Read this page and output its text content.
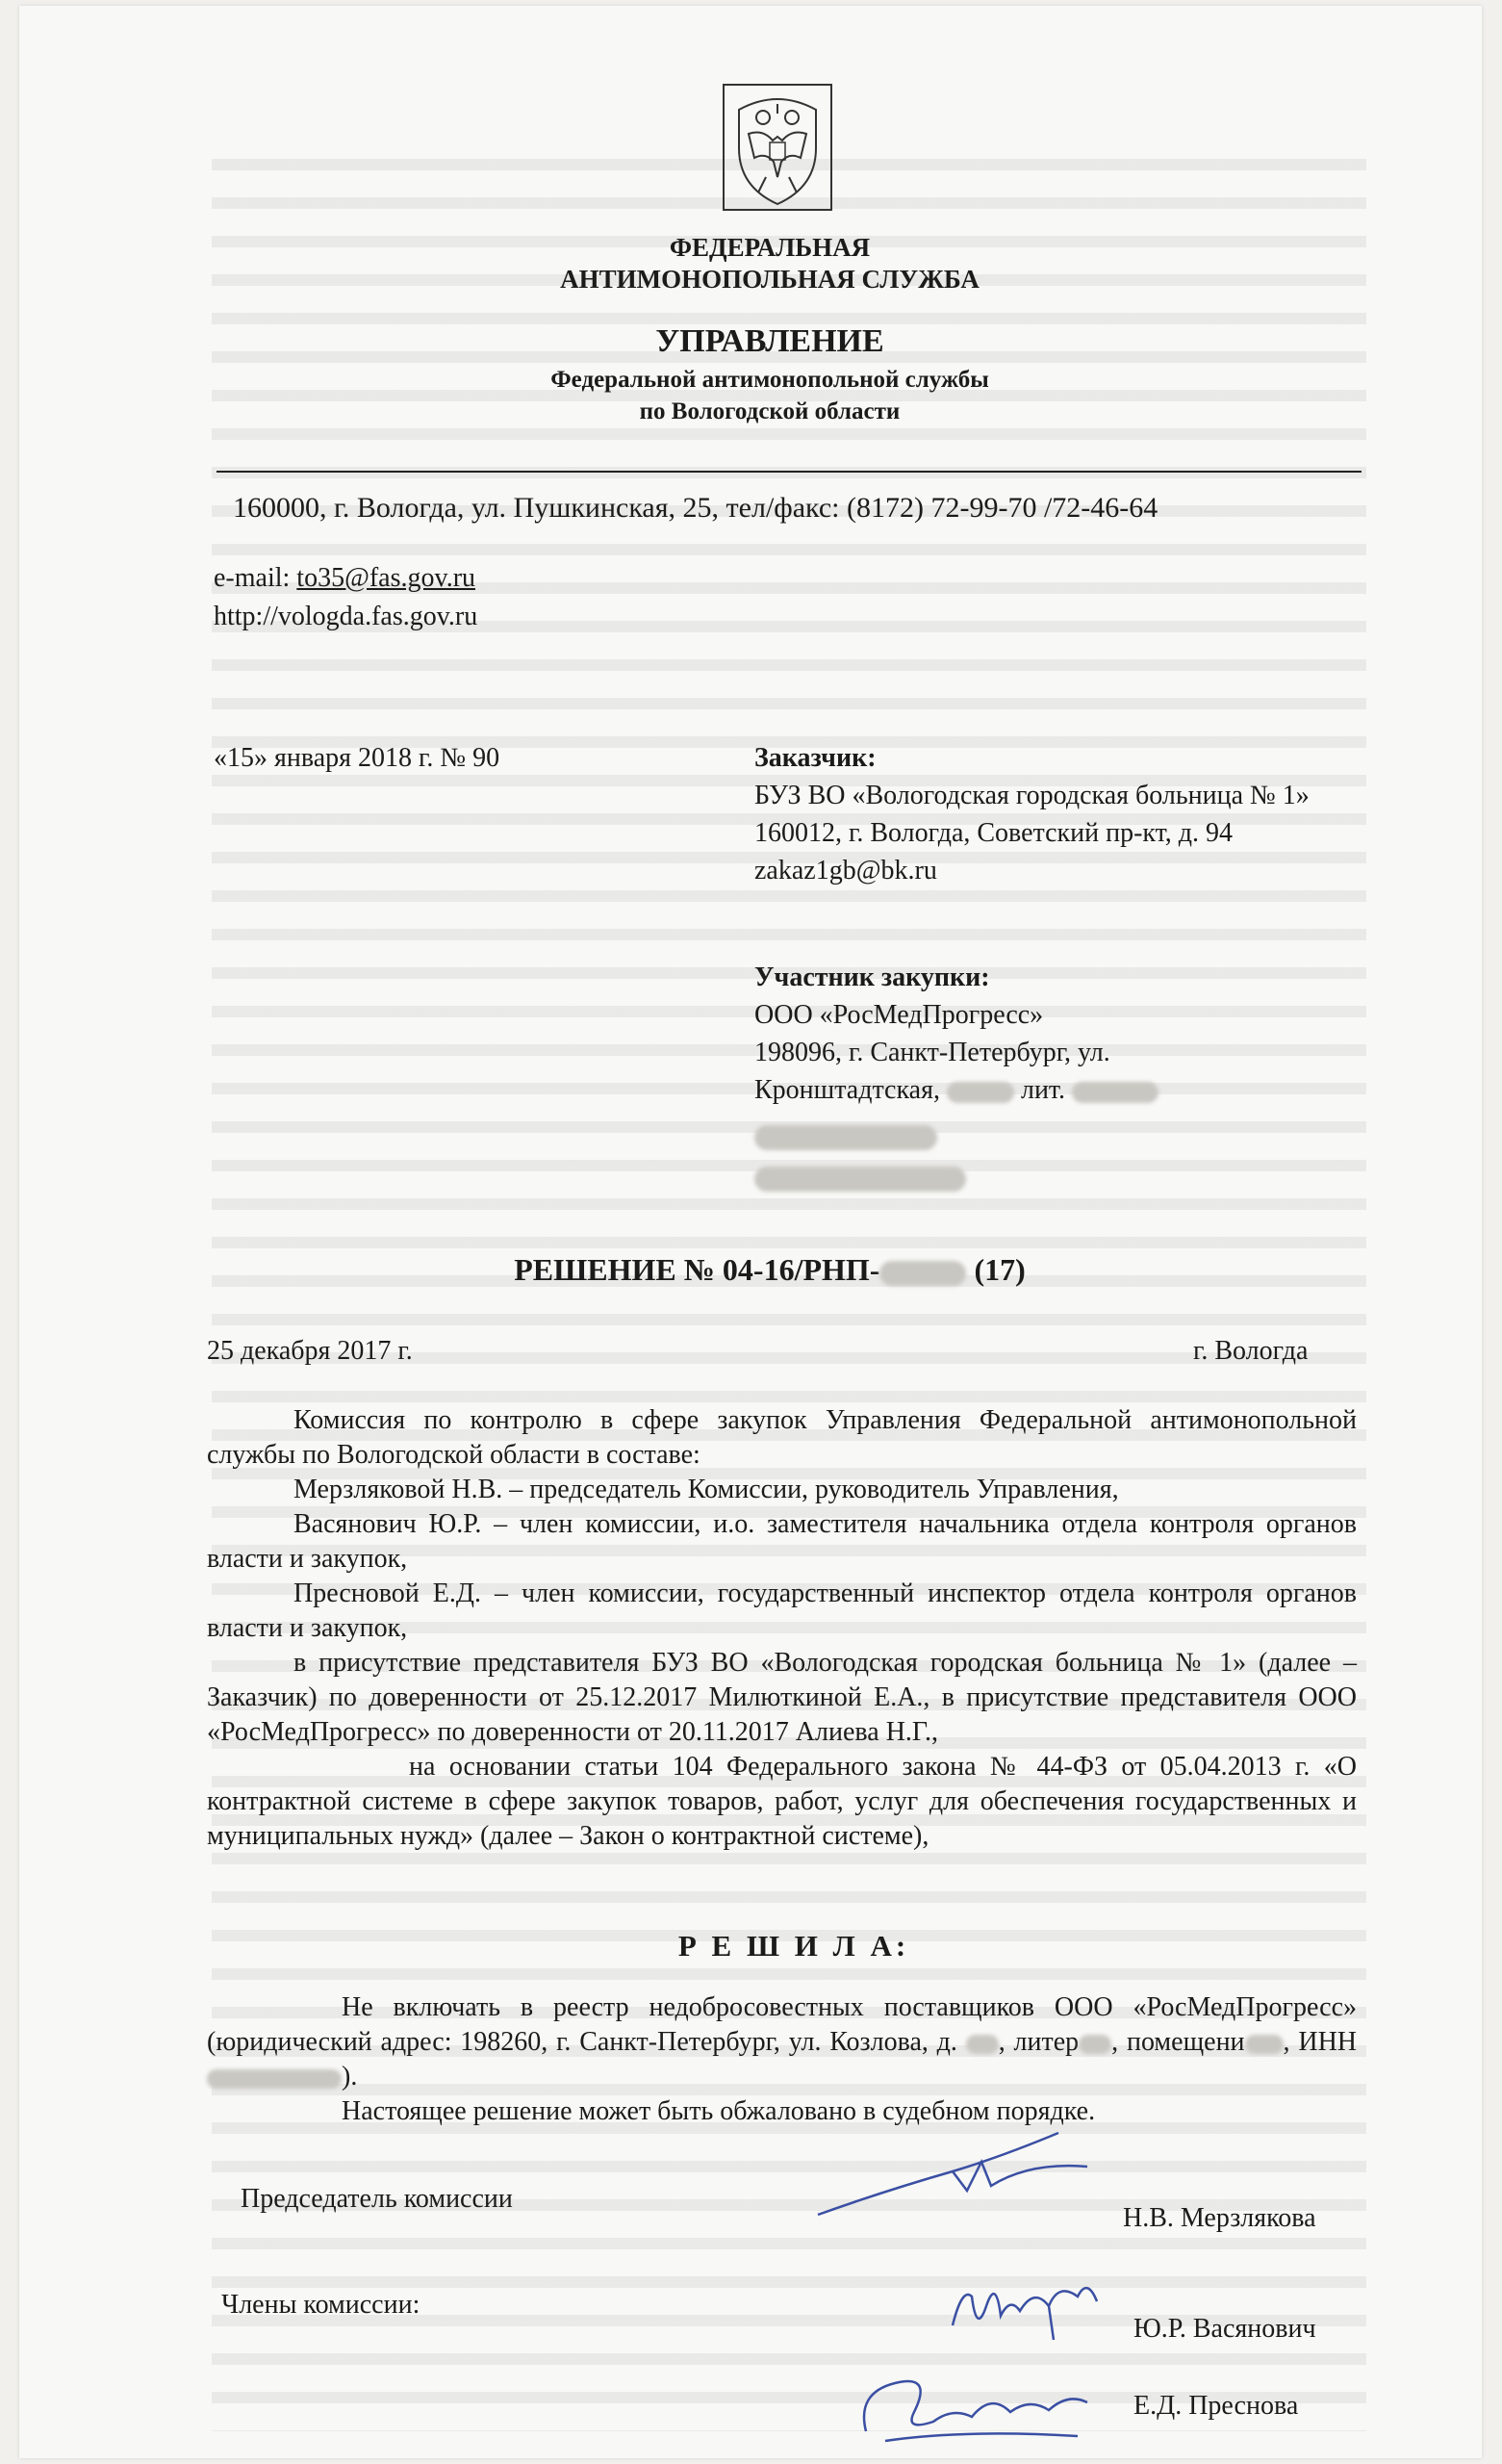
ФЕДЕРАЛЬНАЯ
АНТИМОНОПОЛЬНАЯ СЛУЖБА
УПРАВЛЕНИЕ
Федеральной антимонопольной службы
по Вологодской области
160000, г. Вологда, ул. Пушкинская, 25, тел/факс: (8172) 72-99-70 /72-46-64
e-mail: to35@fas.gov.ru
http://vologda.fas.gov.ru
«15» января 2018 г. № 90	Заказчик:
БУЗ ВО «Вологодская городская больница № 1»
160012, г. Вологда, Советский пр-кт, д. 94
zakaz1gb@bk.ru
Участник закупки:
ООО «РосМедПрогресс»
198096, г. Санкт-Петербург, ул.
Кронштадтская,	лит.
РЕШЕНИЕ № 04-16/РНП-	(17)
25 декабря 2017 г.	г. Вологда

Комиссия по контролю в сфере закупок Управления Федеральной антимонопольной службы по Вологодской области в составе:

Мерзляковой Н.В. – председатель Комиссии, руководитель Управления,

Васянович Ю.Р. – член комиссии, и.о. заместителя начальника отдела контроля органов власти и закупок,

Пресновой Е.Д. – член комиссии, государственный инспектор отдела контроля органов власти и закупок,

в присутствие представителя БУЗ ВО «Вологодская городская больница № 1» (далее – Заказчик) по доверенности от 25.12.2017 Милюткиной Е.А., в присутствие представителя ООО «РосМедПрогресс» по доверенности от 20.11.2017 Алиева Н.Г.,

на основании статьи 104 Федерального закона № 44-ФЗ от 05.04.2013 г. «О контрактной системе в сфере закупок товаров, работ, услуг для обеспечения государственных и муниципальных нужд» (далее – Закон о контрактной системе),

Р Е Ш И Л А:

Не включать в реестр недобросовестных поставщиков ООО «РосМедПрогресс» (юридический адрес: 198260, г. Санкт-Петербург, ул. Козлова, д. , литер , помещени , ИНН ).

Настоящее решение может быть обжаловано в судебном порядке.

Председатель комиссии
Н.В. Мерзлякова
Члены комиссии:
Ю.Р. Васянович
Е.Д. Преснова
